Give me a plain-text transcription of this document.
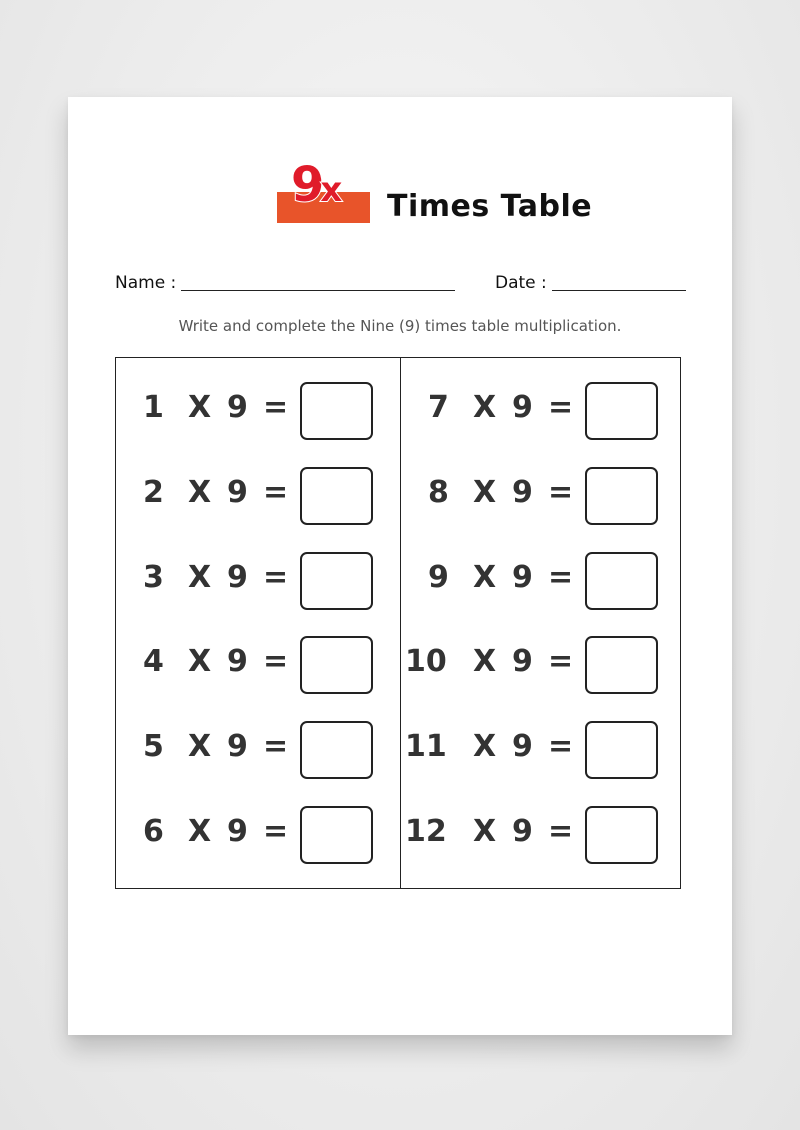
9x Times Table
Name :	Date :
Write and complete the Nine (9) times table multiplication.
1 X 9 =
2 X 9 =
3 X 9 =
4 X 9 =
5 X 9 =
6 X 9 =
7 X 9 =
8 X 9 =
9 X 9 =
10 X 9 =
11 X 9 =
12 X 9 =
